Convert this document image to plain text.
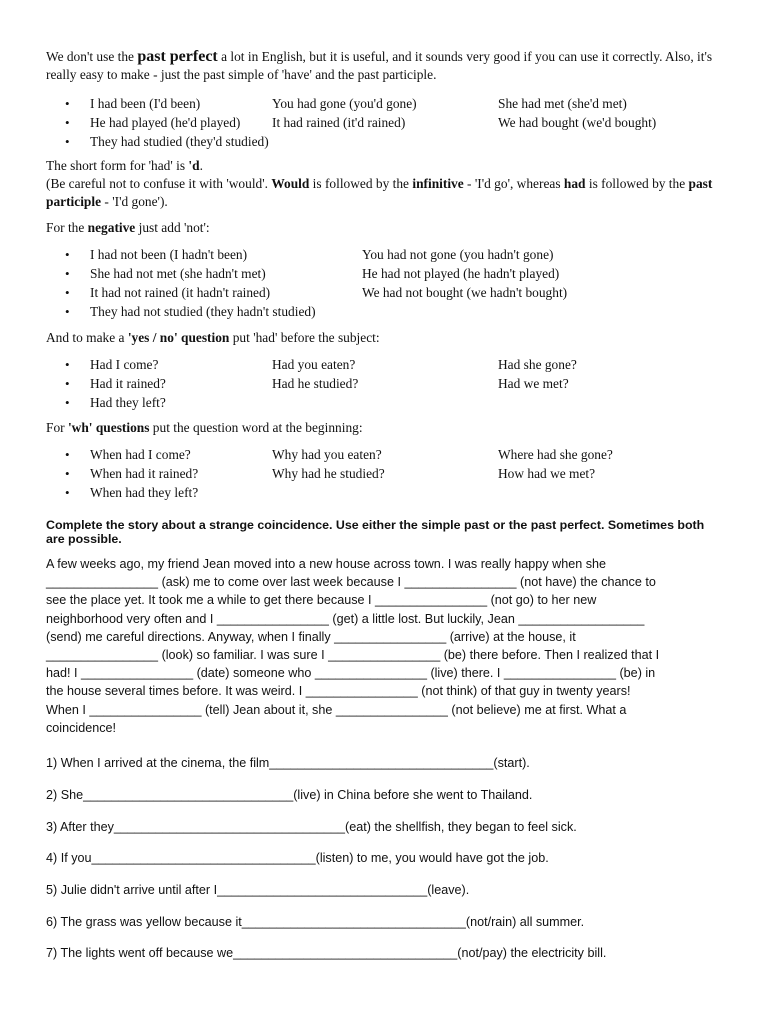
We don't use the past perfect a lot in English, but it is useful, and it sounds very good if you can use it correctly. Also, it's really easy to make - just the past simple of 'have' and the past participle.

• I had been (I'd been)	You had gone (you'd gone)	She had met (she'd met)
• He had played (he'd played) It had rained (it'd rained)	We had bought (we'd bought)
• They had studied (they'd studied)

The short form for 'had' is 'd.

(Be careful not to confuse it with 'would'. Would is followed by the infinitive - 'I'd go', whereas had is followed by the past participle - 'I'd gone').

For the negative just add 'not':

• I had not been (I hadn't been)	You had not gone (you hadn't gone)
• She had not met (she hadn't met)	He had not played (he hadn't played)
• It had not rained (it hadn't rained)	We had not bought (we hadn't bought)
• They had not studied (they hadn't studied)

And to make a 'yes / no' question put 'had' before the subject:

• Had I come?	Had you eaten?	Had she gone?
• Had it rained?	Had he studied?	Had we met?
• Had they left?

For 'wh' questions put the question word at the beginning:

• When had I come?	Why had you eaten?	Where had she gone?
• When had it rained?	Why had he studied?	How had we met?
• When had they left?

Complete the story about a strange coincidence. Use either the simple past or the past perfect. Sometimes both are possible.

A few weeks ago, my friend Jean moved into a new house across town. I was really happy when she
________________ (ask) me to come over last week because I ________________ (not have) the chance to
see the place yet. It took me a while to get there because I ________________ (not go) to her new
neighborhood very often and I ________________ (get) a little lost. But luckily, Jean __________________
(send) me careful directions. Anyway, when I finally ________________ (arrive) at the house, it
________________ (look) so familiar. I was sure I ________________ (be) there before. Then I realized that I
had! I ________________ (date) someone who ________________ (live) there. I ________________ (be) in
the house several times before. It was weird. I ________________ (not think) of that guy in twenty years!
When I ________________ (tell) Jean about it, she ________________ (not believe) me at first. What a
coincidence!
1) When I arrived at the cinema, the film________________________________(start).
2) She______________________________(live) in China before she went to Thailand.
3) After they_________________________________(eat) the shellfish, they began to feel sick.
4) If you________________________________(listen) to me, you would have got the job.
5) Julie didn't arrive until after I______________________________(leave).
6) The grass was yellow because it________________________________(not/rain) all summer.
7) The lights went off because we________________________________(not/pay) the electricity bill.
